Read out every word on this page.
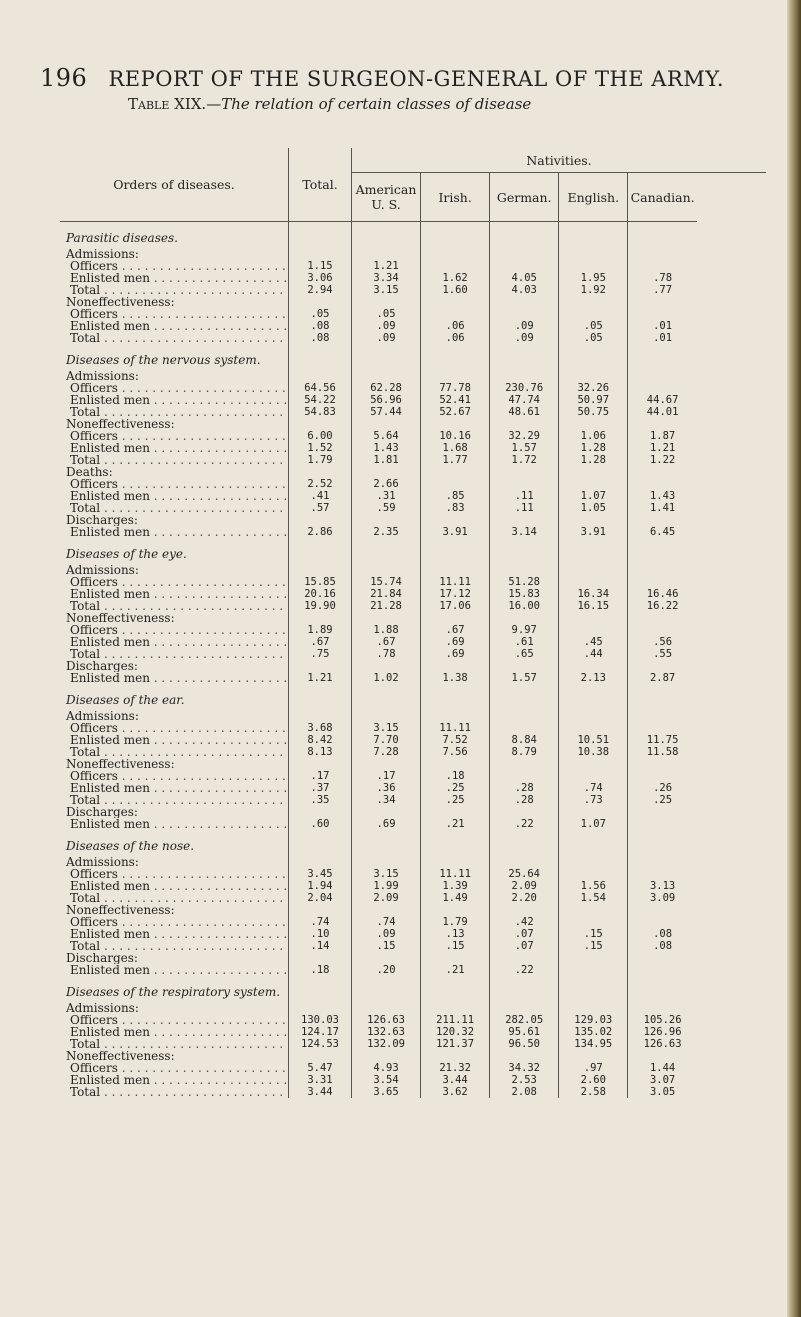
196 REPORT OF THE SURGEON-GENERAL OF THE ARMY.
Table XIX.—The relation of certain classes of disease
Orders of diseases.	Total.	Nativities.				
		American U. S.	Irish.	German.	English.	Canadian.
Parasitic diseases.						
Admissions:						
Officers . . .	1.15	1.21				
Enlisted men . . .	3.06	3.34	1.62	4.05	1.95	.78
Total . . .	2.94	3.15	1.60	4.03	1.92	.77
Noneffectiveness:						
Officers . . .	.05	.05				
Enlisted men . . .	.08	.09	.06	.09	.05	.01
Total . . .	.08	.09	.06	.09	.05	.01
Diseases of the nervous system.						
Admissions:						
Officers . . .	64.56	62.28	77.78	230.76	32.26	
Enlisted men . . .	54.22	56.96	52.41	47.74	50.97	44.67
Total . . .	54.83	57.44	52.67	48.61	50.75	44.01
Noneffectiveness:						
Officers . . .	6.00	5.64	10.16	32.29	1.06	1.87
Enlisted men . . .	1.52	1.43	1.68	1.57	1.28	1.21
Total . . .	1.79	1.81	1.77	1.72	1.28	1.22
Deaths:						
Officers . . .	2.52	2.66				
Enlisted men . . .	.41	.31	.85	.11	1.07	1.43
Total . . .	.57	.59	.83	.11	1.05	1.41
Discharges:						
Enlisted men . . .	2.86	2.35	3.91	3.14	3.91	6.45
Diseases of the eye.						
Admissions:						
Officers . . .	15.85	15.74	11.11	51.28		
Enlisted men . . .	20.16	21.84	17.12	15.83	16.34	16.46
Total . . .	19.90	21.28	17.06	16.00	16.15	16.22
Noneffectiveness:						
Officers . . .	1.89	1.88	.67	9.97		
Enlisted men . . .	.67	.67	.69	.61	.45	.56
Total . . .	.75	.78	.69	.65	.44	.55
Discharges:						
Enlisted men . . .	1.21	1.02	1.38	1.57	2.13	2.87
Diseases of the ear.						
Admissions:						
Officers . . .	3.68	3.15	11.11			
Enlisted men . . .	8.42	7.70	7.52	8.84	10.51	11.75
Total . . .	8.13	7.28	7.56	8.79	10.38	11.58
Noneffectiveness:						
Officers . . .	.17	.17	.18			
Enlisted men . . .	.37	.36	.25	.28	.74	.26
Total . . .	.35	.34	.25	.28	.73	.25
Discharges:						
Enlisted men . . .	.60	.69	.21	.22	1.07	
Diseases of the nose.						
Admissions:						
Officers . . .	3.45	3.15	11.11	25.64		
Enlisted men . . .	1.94	1.99	1.39	2.09	1.56	3.13
Total . . .	2.04	2.09	1.49	2.20	1.54	3.09
Noneffectiveness:						
Officers . . .	.74	.74	1.79	.42		
Enlisted men . . .	.10	.09	.13	.07	.15	.08
Total . . .	.14	.15	.15	.07	.15	.08
Discharges:						
Enlisted men . . .	.18	.20	.21	.22		
Diseases of the respiratory system.						
Admissions:						
Officers . . .	130.03	126.63	211.11	282.05	129.03	105.26
Enlisted men . . .	124.17	132.63	120.32	95.61	135.02	126.96
Total . . .	124.53	132.09	121.37	96.50	134.95	126.63
Noneffectiveness:						
Officers . . .	5.47	4.93	21.32	34.32	.97	1.44
Enlisted men . . .	3.31	3.54	3.44	2.53	2.60	3.07
Total . . .	3.44	3.65	3.62	2.08	2.58	3.05
